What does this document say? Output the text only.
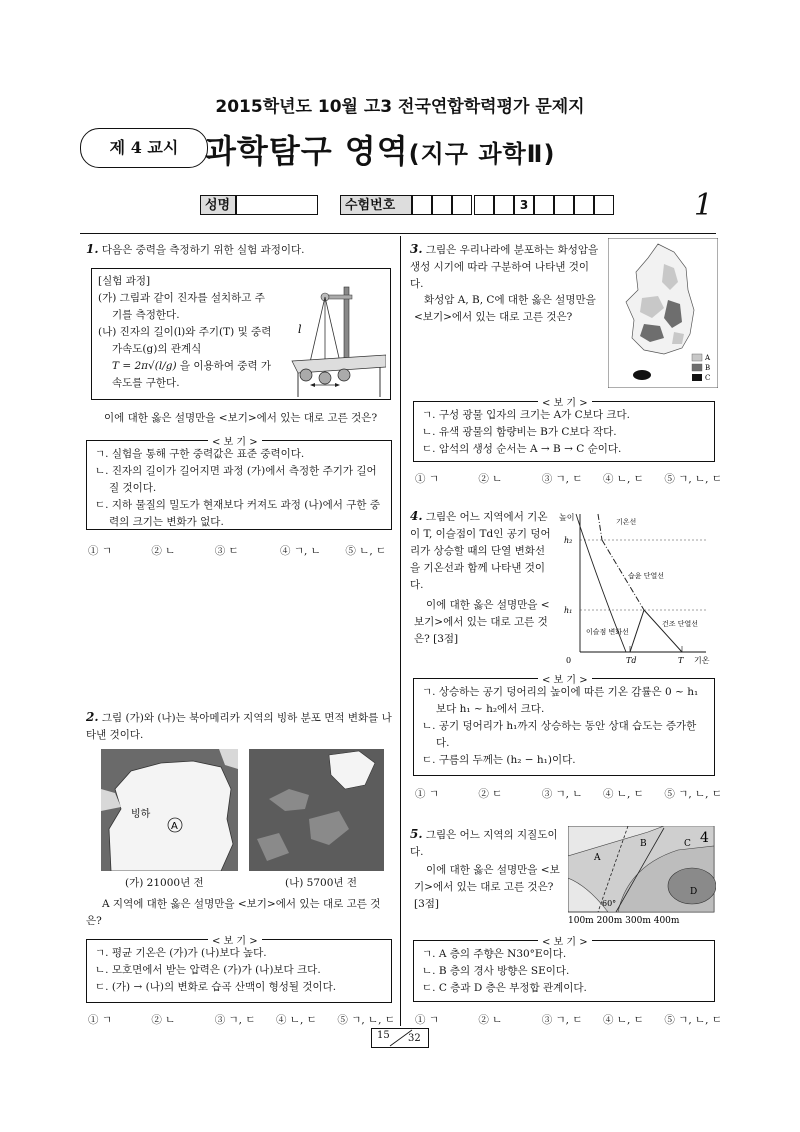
2015학년도 10월 고3 전국연합학력평가 문제지
제 4 교시 과학탐구 영역(지구 과학Ⅱ)
성명	수험번호	3	1
1. 다음은 중력을 측정하기 위한 실험 과정이다.
[실험 과정]
(가) 그림과 같이 진자를 설치하고 주기를 측정한다.
(나) 진자의 길이(l)와 주기(T) 및 중력 가속도(g)의 관계식
T = 2π√(l/g) 을 이용하여 중력 가속도를 구한다.
l
이에 대한 옳은 설명만을 <보기>에서 있는 대로 고른 것은?
ㄱ. 실험을 통해 구한 중력값은 표준 중력이다.
ㄴ. 진자의 길이가 길어지면 과정 (가)에서 측정한 주기가 길어질 것이다.
ㄷ. 지하 물질의 밀도가 현재보다 커져도 과정 (나)에서 구한 중력의 크기는 변화가 없다.
< 보 기 >
① ㄱ	② ㄴ	③ ㄷ	④ ㄱ, ㄴ ⑤ ㄴ, ㄷ
2. 그림 (가)와 (나)는 북아메리카 지역의 빙하 분포 면적 변화를 나타낸 것이다.
빙하
A
(가) 21000년 전	(나) 5700년 전
A 지역에 대한 옳은 설명만을 <보기>에서 있는 대로 고른 것은?
ㄱ. 평균 기온은 (가)가 (나)보다 높다.
ㄴ. 모호면에서 받는 압력은 (가)가 (나)보다 크다.
ㄷ. (가) → (나)의 변화로 습곡 산맥이 형성될 것이다.
< 보 기 >
① ㄱ	② ㄴ	③ ㄱ, ㄷ ④ ㄴ, ㄷ ⑤ ㄱ, ㄴ, ㄷ
3. 그림은 우리나라에 분포하는 화성암을 생성 시기에 따라 구분하여 나타낸 것이다.
화성암 A, B, C에 대한 옳은 설명만을 <보기>에서 있는 대로 고른 것은?
A
B
C
ㄱ. 구성 광물 입자의 크기는 A가 C보다 크다.
ㄴ. 유색 광물의 함량비는 B가 C보다 작다.
ㄷ. 암석의 생성 순서는 A → B → C 순이다.
< 보 기 >
① ㄱ	② ㄴ	③ ㄱ, ㄷ ④ ㄴ, ㄷ ⑤ ㄱ, ㄴ, ㄷ
4. 그림은 어느 지역에서 기온이 T, 이슬점이 Td인 공기 덩어리가 상승할 때의 단열 변화선을 기온선과 함께 나타낸 것이다.
이에 대한 옳은 설명만을 <보기>에서 있는 대로 고른 것은? [3점]
높이
h₂
h₁
0	Td	T 기온
기온선
습윤 단열선
건조 단열선
이슬점 변화선
ㄱ. 상승하는 공기 덩어리의 높이에 따른 기온 감률은 0 ~ h₁ 보다 h₁ ~ h₂에서 크다.
ㄴ. 공기 덩어리가 h₁까지 상승하는 동안 상대 습도는 증가한다.
ㄷ. 구름의 두께는 (h₂ − h₁)이다.
< 보 기 >
① ㄱ	② ㄷ	③ ㄱ, ㄴ ④ ㄴ, ㄷ ⑤ ㄱ, ㄴ, ㄷ
5. 그림은 어느 지역의 지질도이다.
이에 대한 옳은 설명만을 <보기>에서 있는 대로 고른 것은? [3점]
A
B	C
D
4
60°
100m 200m 300m 400m
ㄱ. A 층의 주향은 N30°E이다.
ㄴ. B 층의 경사 방향은 SE이다.
ㄷ. C 층과 D 층은 부정합 관계이다.
< 보 기 >
① ㄱ	② ㄴ	③ ㄱ, ㄷ ④ ㄴ, ㄷ ⑤ ㄱ, ㄴ, ㄷ
15 32
